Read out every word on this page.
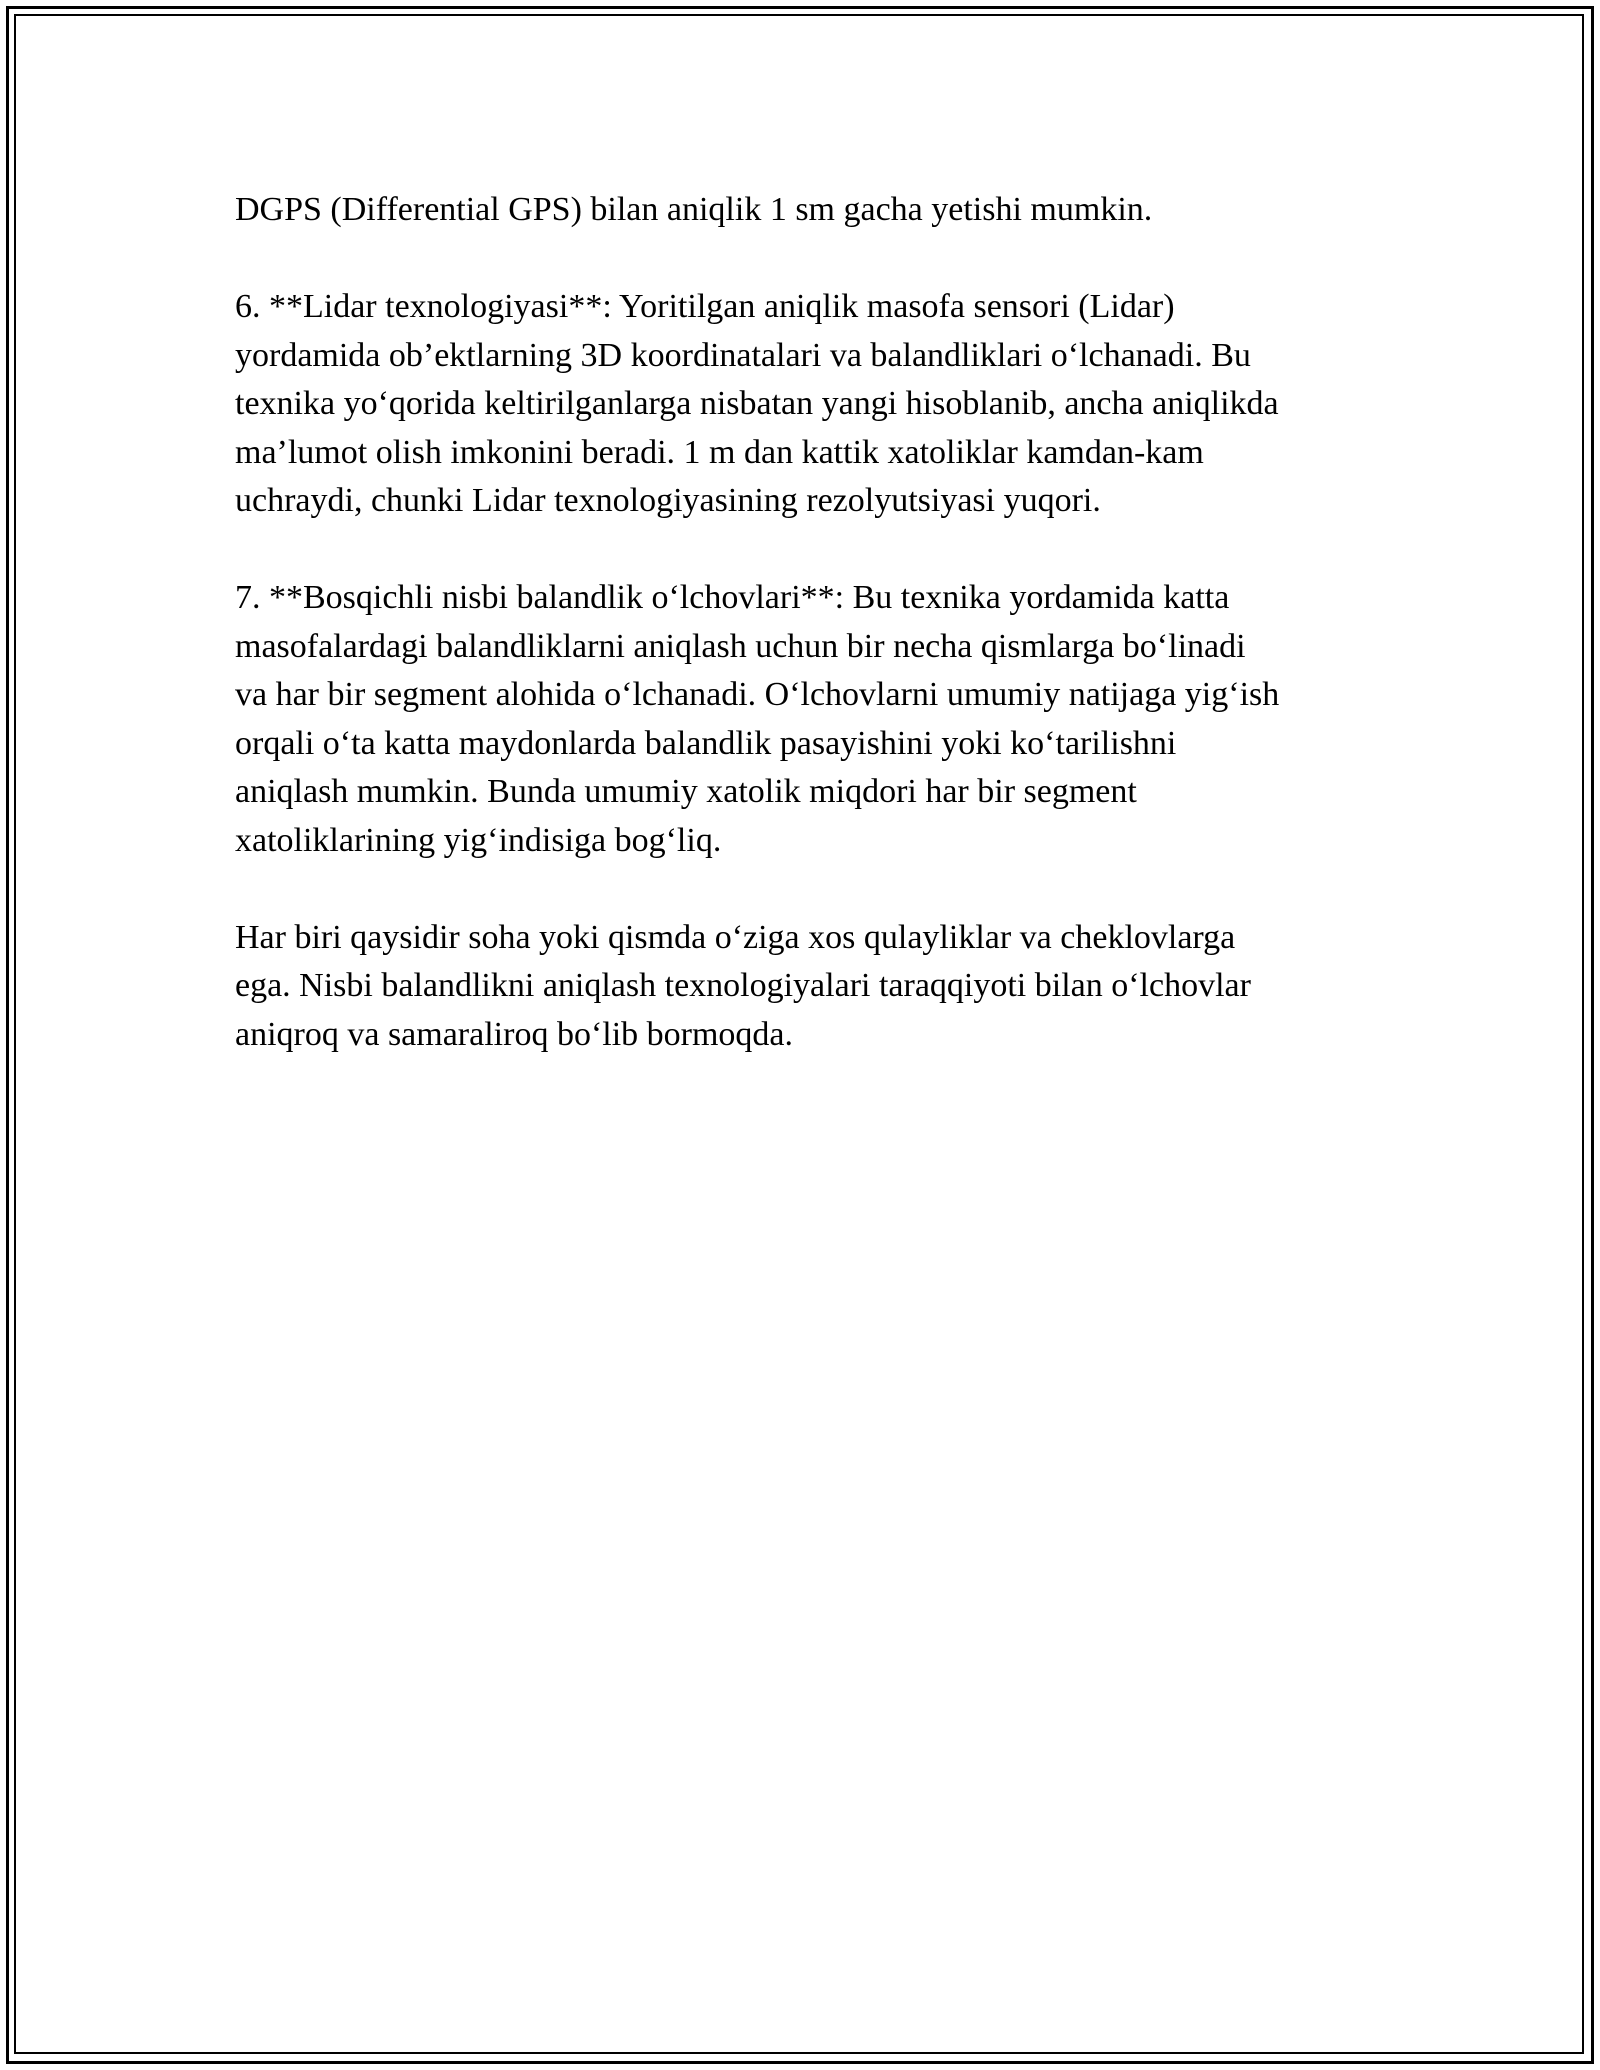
DGPS (Differential GPS) bilan aniqlik 1 sm gacha yetishi mumkin.

6. **Lidar texnologiyasi**: Yoritilgan aniqlik masofa sensori (Lidar)
yordamida ob’ektlarning 3D koordinatalari va balandliklari o‘lchanadi. Bu
texnika yo‘qorida keltirilganlarga nisbatan yangi hisoblanib, ancha aniqlikda
ma’lumot olish imkonini beradi. 1 m dan kattik xatoliklar kamdan-kam
uchraydi, chunki Lidar texnologiyasining rezolyutsiyasi yuqori.

7. **Bosqichli nisbi balandlik o‘lchovlari**: Bu texnika yordamida katta
masofalardagi balandliklarni aniqlash uchun bir necha qismlarga bo‘linadi
va har bir segment alohida o‘lchanadi. O‘lchovlarni umumiy natijaga yig‘ish
orqali o‘ta katta maydonlarda balandlik pasayishini yoki ko‘tarilishni
aniqlash mumkin. Bunda umumiy xatolik miqdori har bir segment
xatoliklarining yig‘indisiga bog‘liq.

Har biri qaysidir soha yoki qismda o‘ziga xos qulayliklar va cheklovlarga
ega. Nisbi balandlikni aniqlash texnologiyalari taraqqiyoti bilan o‘lchovlar
aniqroq va samaraliroq bo‘lib bormoqda.
